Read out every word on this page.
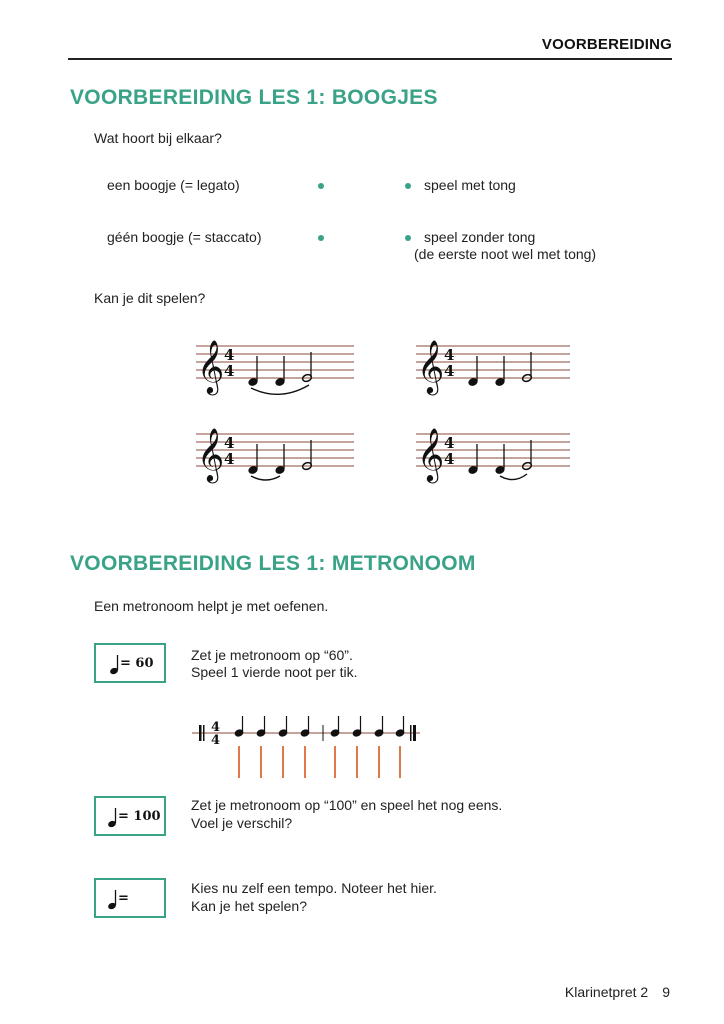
VOORBEREIDING
VOORBEREIDING LES 1: BOOGJES
Wat hoort bij elkaar?
een boogje (= legato)	speel met tong
géén boogje (= staccato)	speel zonder tong
(de eerste noot wel met tong)
Kan je dit spelen?
𝄞 4
4	𝄞 4
4
𝄞 4
4	𝄞 4
4
VOORBEREIDING LES 1: METRONOOM
Een metronoom helpt je met oefenen.
= 60
Zet je metronoom op “60”.
Speel 1 vierde noot per tik.
4
4
= 100
Zet je metronoom op “100” en speel het nog eens.
Voel je verschil?
=
Kies nu zelf een tempo. Noteer het hier.
Kan je het spelen?
Klarinetpret 2 9
